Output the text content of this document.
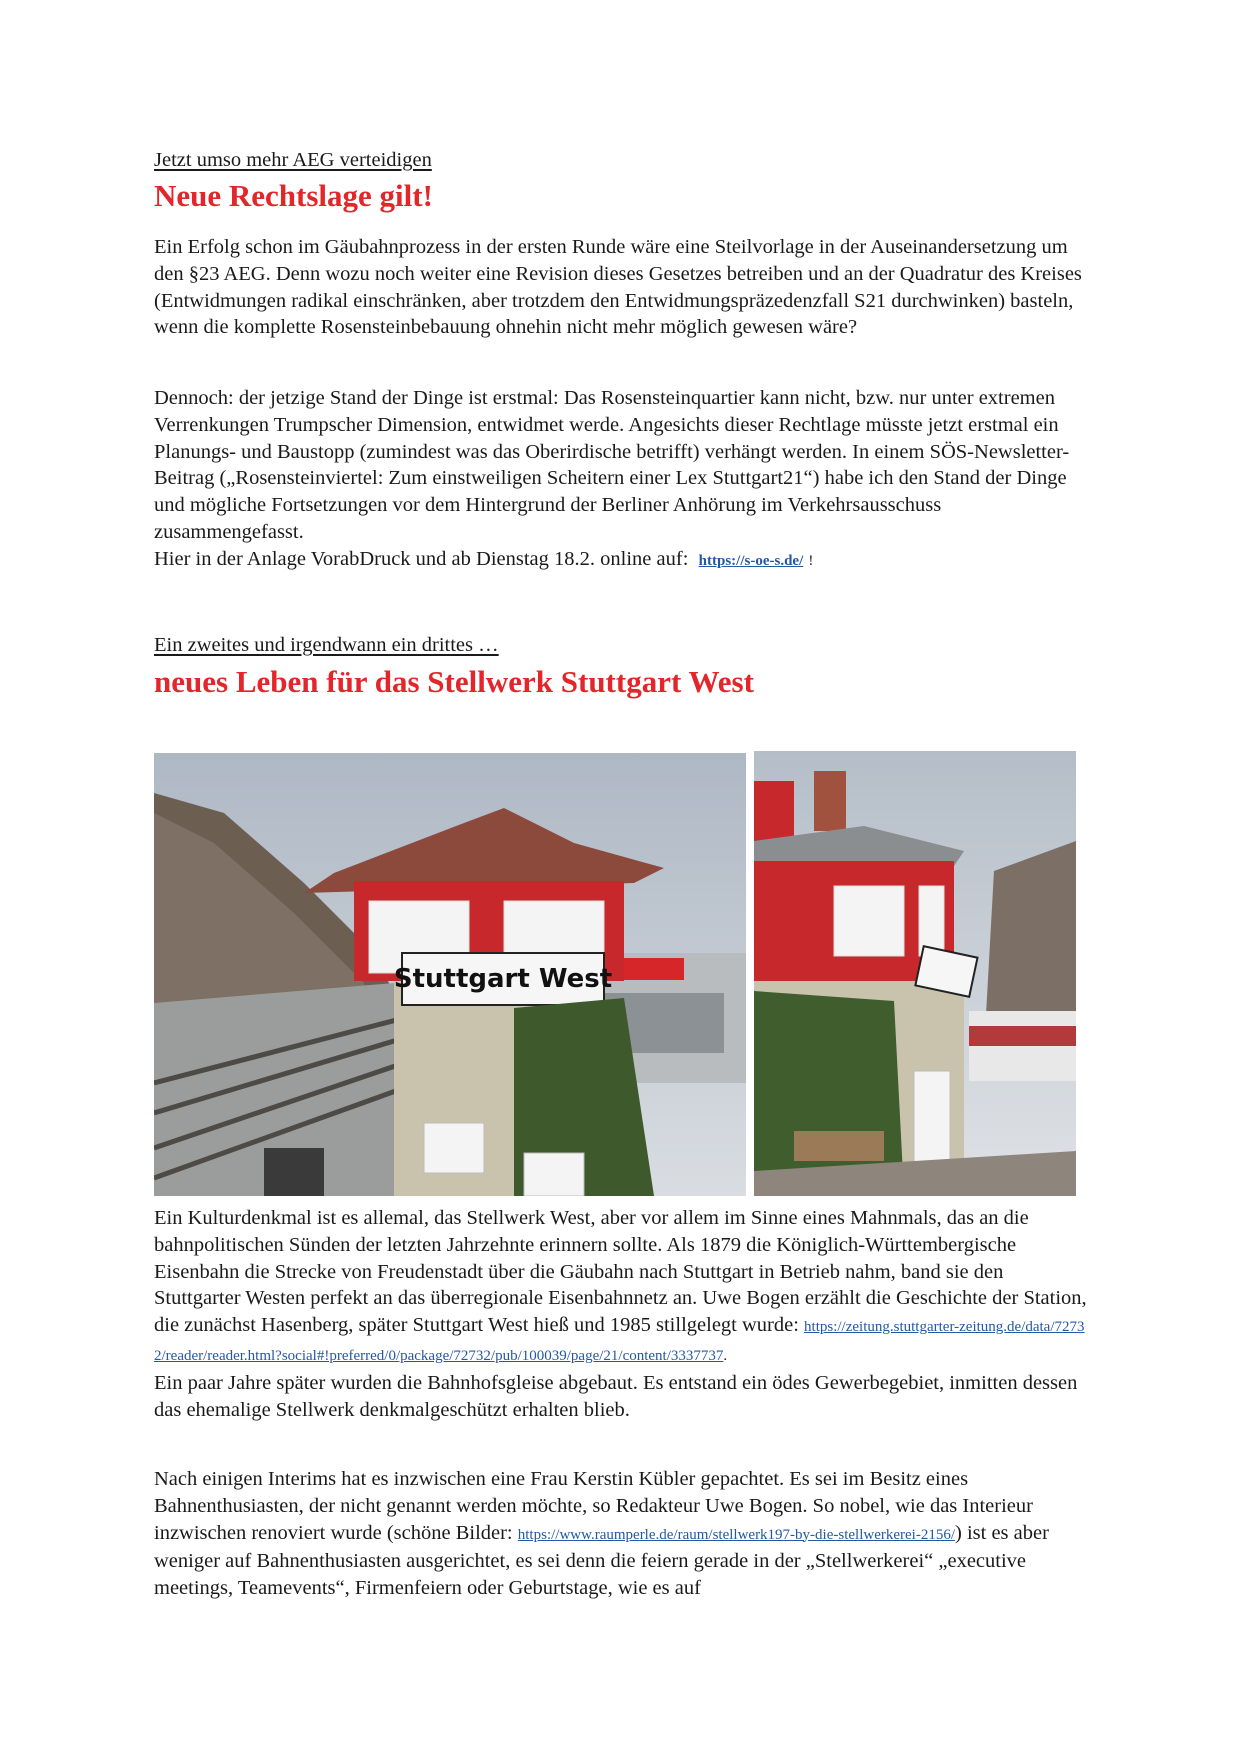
Jetzt umso mehr AEG verteidigen
Neue Rechtslage gilt!

Ein Erfolg schon im Gäubahnprozess in der ersten Runde wäre eine Steilvorlage in der Auseinandersetzung um den §23 AEG. Denn wozu noch weiter eine Revision dieses Gesetzes betreiben und an der Quadratur des Kreises (Entwidmungen radikal einschränken, aber trotzdem den Entwidmungspräzedenzfall S21 durchwinken) basteln, wenn die komplette Rosensteinbebauung ohnehin nicht mehr möglich gewesen wäre?

Dennoch: der jetzige Stand der Dinge ist erstmal: Das Rosensteinquartier kann nicht, bzw. nur unter extremen Verrenkungen Trumpscher Dimension, entwidmet werde. Angesichts dieser Rechtlage müsste jetzt erstmal ein Planungs- und Baustopp (zumindest was das Oberirdische betrifft) verhängt werden. In einem SÖS-Newsletter-Beitrag („Rosensteinviertel: Zum einstweiligen Scheitern einer Lex Stuttgart21“) habe ich den Stand der Dinge und mögliche Fortsetzungen vor dem Hintergrund der Berliner Anhörung im Verkehrsausschuss zusammengefasst.

Hier in der Anlage VorabDruck und ab Dienstag 18.2. online auf: https://s-oe-s.de/ !

Ein zweites und irgendwann ein drittes …
neues Leben für das Stellwerk Stuttgart West
Stuttgart West

Ein Kulturdenkmal ist es allemal, das Stellwerk West, aber vor allem im Sinne eines Mahnmals, das an die bahnpolitischen Sünden der letzten Jahrzehnte erinnern sollte. Als 1879 die Königlich-Württembergische Eisenbahn die Strecke von Freudenstadt über die Gäubahn nach Stuttgart in Betrieb nahm, band sie den Stuttgarter Westen perfekt an das überregionale Eisenbahnnetz an. Uwe Bogen erzählt die Geschichte der Station, die zunächst Hasenberg, später Stuttgart West hieß und 1985 stillgelegt wurde: https://zeitung.stuttgarter-zeitung.de/data/72732/reader/reader.html?social#!preferred/0/package/72732/pub/100039/page/21/content/3337737.

Ein paar Jahre später wurden die Bahnhofsgleise abgebaut. Es entstand ein ödes Gewerbegebiet, inmitten dessen das ehemalige Stellwerk denkmalgeschützt erhalten blieb.

Nach einigen Interims hat es inzwischen eine Frau Kerstin Kübler gepachtet. Es sei im Besitz eines Bahnenthusiasten, der nicht genannt werden möchte, so Redakteur Uwe Bogen. So nobel, wie das Interieur inzwischen renoviert wurde (schöne Bilder: https://www.raumperle.de/raum/stellwerk197-by-die-stellwerkerei-2156/) ist es aber weniger auf Bahnenthusiasten ausgerichtet, es sei denn die feiern gerade in der „Stellwerkerei“ „executive meetings, Teamevents“, Firmenfeiern oder Geburtstage, wie es auf
